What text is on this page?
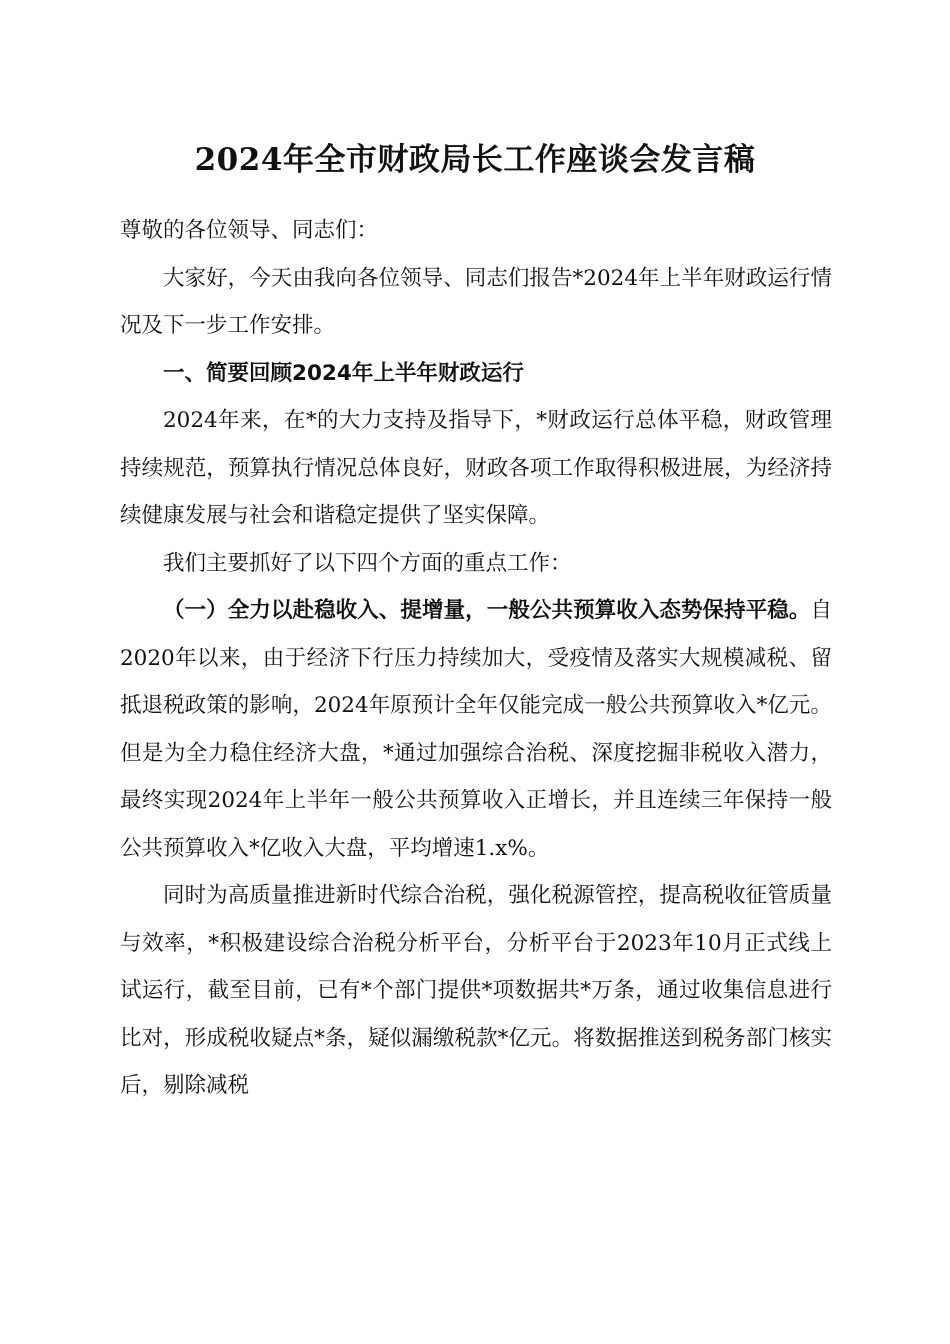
2024年全市财政局长工作座谈会发言稿

尊敬的各位领导、同志们：

大家好，今天由我向各位领导、同志们报告*2024年上半年财政运行情况及下一步工作安排。

一、简要回顾2024年上半年财政运行

2024年来，在*的大力支持及指导下，*财政运行总体平稳，财政管理持续规范，预算执行情况总体良好，财政各项工作取得积极进展，为经济持续健康发展与社会和谐稳定提供了坚实保障。

我们主要抓好了以下四个方面的重点工作：

（一）全力以赴稳收入、提增量，一般公共预算收入态势保持平稳。自2020年以来，由于经济下行压力持续加大，受疫情及落实大规模减税、留抵退税政策的影响，2024年原预计全年仅能完成一般公共预算收入*亿元。但是为全力稳住经济大盘，*通过加强综合治税、深度挖掘非税收入潜力，最终实现2024年上半年一般公共预算收入正增长，并且连续三年保持一般公共预算收入*亿收入大盘，平均增速1.x%。

同时为高质量推进新时代综合治税，强化税源管控，提高税收征管质量与效率，*积极建设综合治税分析平台，分析平台于2023年10月正式线上试运行，截至目前，已有*个部门提供*项数据共*万条，通过收集信息进行比对，形成税收疑点*条，疑似漏缴税款*亿元。将数据推送到税务部门核实后，剔除减税
